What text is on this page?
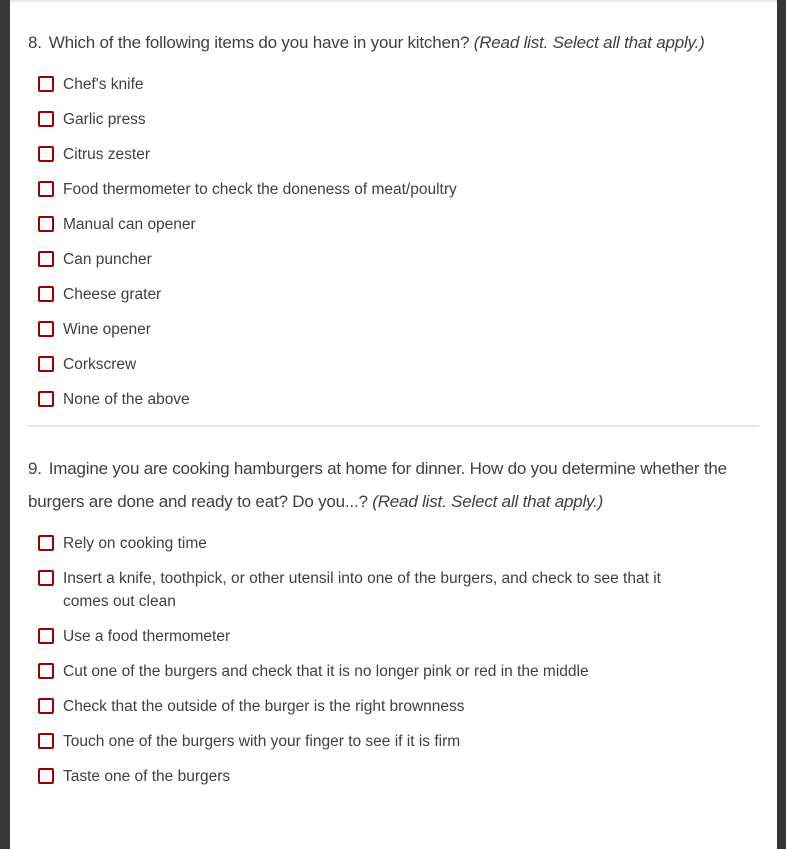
8. Which of the following items do you have in your kitchen? (Read list. Select all that apply.)
Chef's knife
Garlic press
Citrus zester
Food thermometer to check the doneness of meat/poultry
Manual can opener
Can puncher
Cheese grater
Wine opener
Corkscrew
None of the above
9. Imagine you are cooking hamburgers at home for dinner. How do you determine whether the burgers are done and ready to eat? Do you...? (Read list. Select all that apply.)
Rely on cooking time
Insert a knife, toothpick, or other utensil into one of the burgers, and check to see that it comes out clean
Use a food thermometer
Cut one of the burgers and check that it is no longer pink or red in the middle
Check that the outside of the burger is the right brownness
Touch one of the burgers with your finger to see if it is firm
Taste one of the burgers
